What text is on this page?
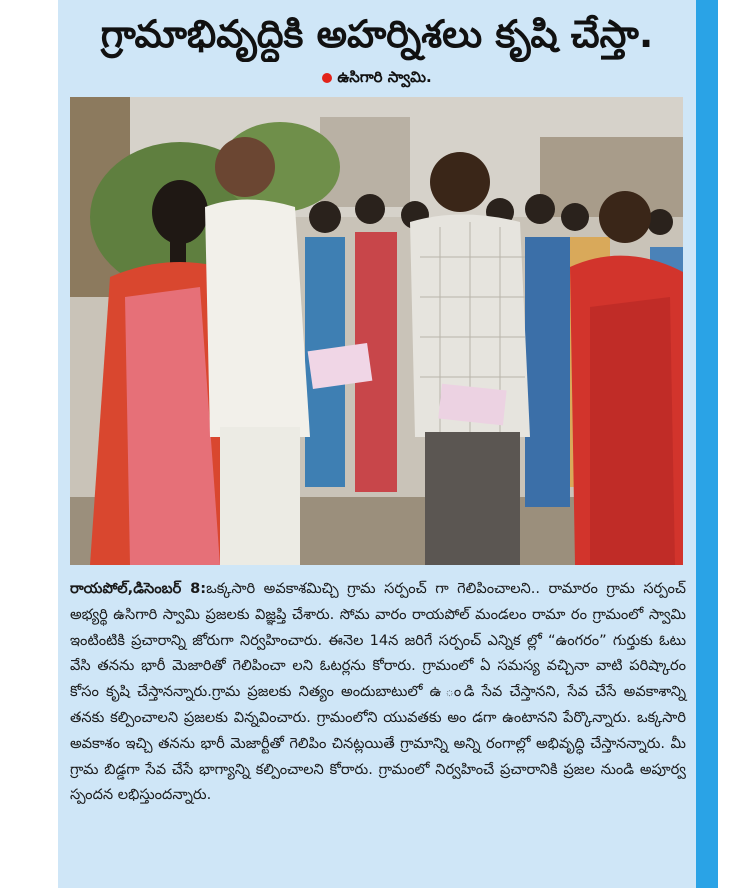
గ్రామాభివృద్ధికి అహర్నిశలు కృషి చేస్తా.
ఉసిగారి స్వామి.
రాయపోల్,డిసెంబర్ 8:ఒక్కసారి అవకాశమిచ్చి గ్రామ సర్పంచ్ గా గెలిపించాలని.. రామారం గ్రామ సర్పంచ్ అభ్యర్థి ఉసిగారి స్వామి ప్రజలకు విజ్ఞప్తి చేశారు. సోమ వారం రాయపోల్ మండలం రామా రం గ్రామంలో స్వామి ఇంటింటికి ప్రచారాన్ని జోరుగా నిర్వహించారు. ఈనెల 14న జరిగే సర్పంచ్ ఎన్నిక ల్లో “ఉంగరం” గుర్తుకు ఓటు వేసి తనను భారీ మెజారితో గెలిపించా లని ఓటర్లను కోరారు. గ్రామంలో ఏ సమస్య వచ్చినా వాటి పరిష్కారం కోసం కృషి చేస్తానన్నారు.గ్రామ ప్రజలకు నిత్యం అందుబాటులో ఉ ండి సేవ చేస్తానని, సేవ చేసే అవకాశాన్ని తనకు కల్పించాలని ప్రజలకు విన్నవించారు. గ్రామంలోని యువతకు అం డగా ఉంటానని పేర్కొన్నారు. ఒక్కసారి అవకాశం ఇచ్చి తనను భారీ మెజార్టీతో గెలిపిం చినట్లయితే గ్రామాన్ని అన్ని రంగాల్లో అభివృద్ధి చేస్తానన్నారు. మీ గ్రామ బిడ్డగా సేవ చేసే భాగ్యాన్ని కల్పించాలని కోరారు. గ్రామంలో నిర్వహించే ప్రచారానికి ప్రజల నుండి అపూర్వ స్పందన లభిస్తుందన్నారు.
